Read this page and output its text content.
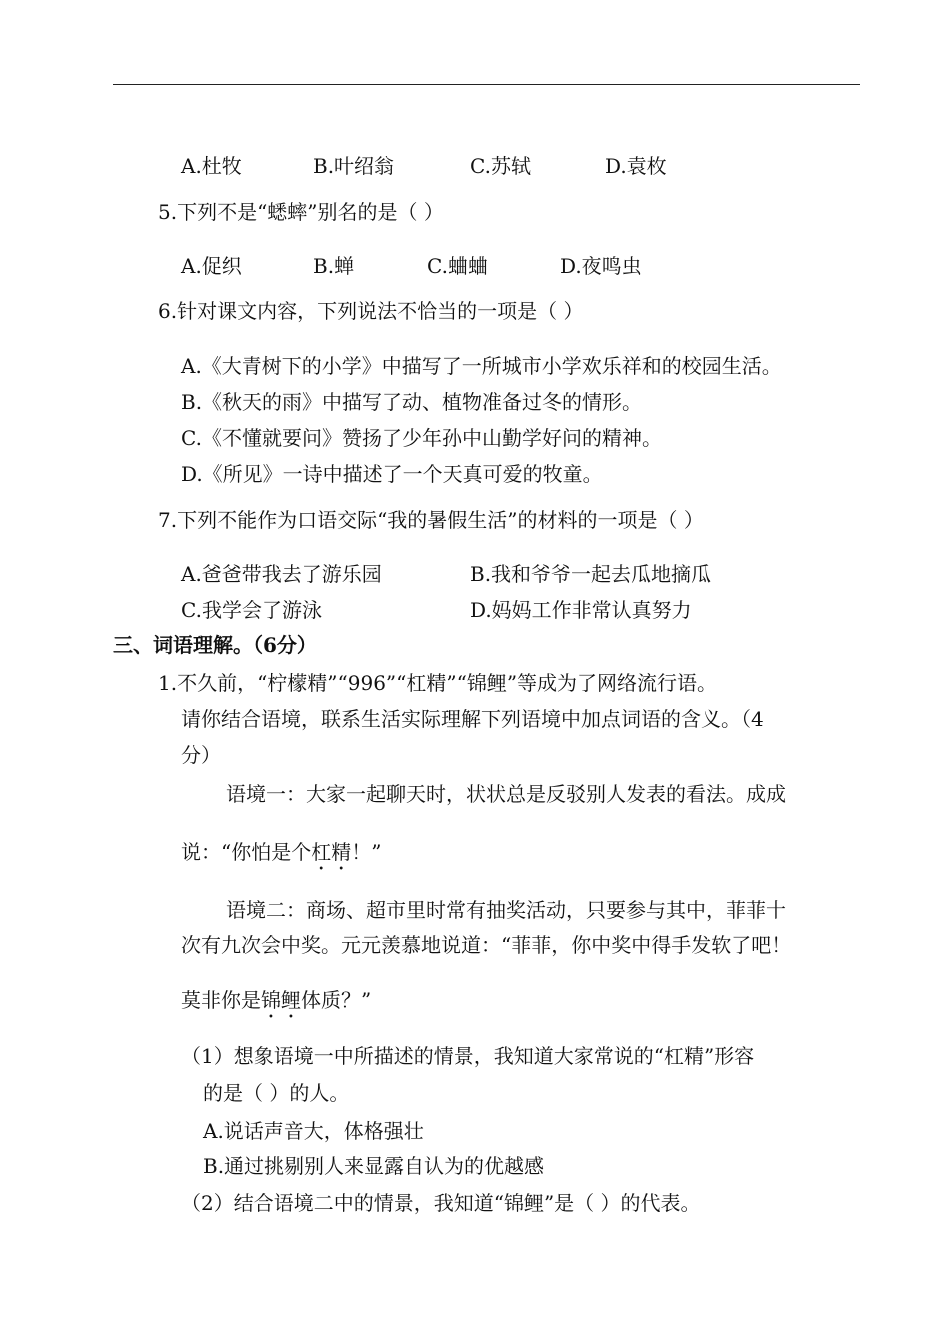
A.杜牧	B.叶绍翁	C.苏轼	D.袁枚
5.下列不是“蟋蟀”别名的是（ ）
A.促织	B.蝉	C.蛐蛐	D.夜鸣虫
6.针对课文内容，下列说法不恰当的一项是（ ）
A.《大青树下的小学》中描写了一所城市小学欢乐祥和的校园生活。
B.《秋天的雨》中描写了动、植物准备过冬的情形。
C.《不懂就要问》赞扬了少年孙中山勤学好问的精神。
D.《所见》一诗中描述了一个天真可爱的牧童。
7.下列不能作为口语交际“我的暑假生活”的材料的一项是（ ）
A.爸爸带我去了游乐园	B.我和爷爷一起去瓜地摘瓜
C.我学会了游泳	D.妈妈工作非常认真努力
三、词语理解。（6分）
1.不久前，“柠檬精”“996”“杠精”“锦鲤”等成为了网络流行语。
请你结合语境，联系生活实际理解下列语境中加点词语的含义。（4
分）
语境一：大家一起聊天时，状状总是反驳别人发表的看法。成成
说：“你怕是个杠精！”
语境二：商场、超市里时常有抽奖活动，只要参与其中，菲菲十
次有九次会中奖。元元羡慕地说道：“菲菲，你中奖中得手发软了吧！
莫非你是锦鲤体质？”
（1）想象语境一中所描述的情景，我知道大家常说的“杠精”形容
的是（ ）的人。
A.说话声音大，体格强壮
B.通过挑剔别人来显露自认为的优越感
（2）结合语境二中的情景，我知道“锦鲤”是（ ）的代表。
